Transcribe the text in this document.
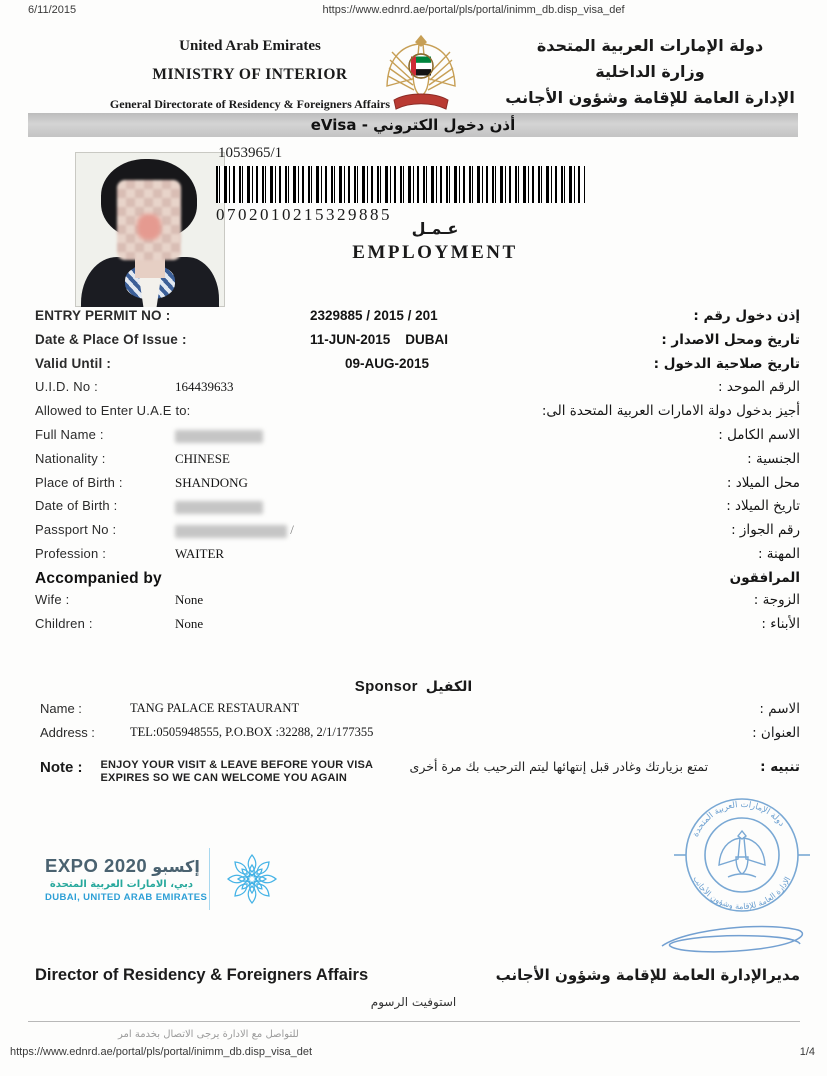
6/11/2015	https://www.ednrd.ae/portal/pls/portal/inimm_db.disp_visa_def
United Arab Emirates
MINISTRY OF INTERIOR
General Directorate of Residency & Foreigners Affairs
دولة الإمارات العربية المتحدة
وزارة الداخلية
الإدارة العامة للإقامة وشؤون الأجانب
أذن دخول الكتروني - eVisa
1053965/1
0702010215329885
عـمـل
EMPLOYMENT
ENTRY PERMIT NO :	2329885 / 2015 / 201	إذن دخول رقم :
Date & Place Of Issue :	11-JUN-2015    DUBAI	تاريخ ومحل الاصدار :
Valid Until :	09-AUG-2015	تاريخ صلاحية الدخول :
U.I.D. No :	164439633	الرقم الموحد :
Allowed to Enter U.A.E to:	أجيز بدخول دولة الامارات العربية المتحدة الى:
Full Name :	الاسم الكامل :
Nationality :	CHINESE	الجنسية :
Place of Birth :	SHANDONG	محل الميلاد :
Date of Birth :	تاريخ الميلاد :
Passport No :	/	رقم الجواز :
Profession :	WAITER	المهنة :
Accompanied by	المرافقون
Wife :	None	الزوجة :
Children :	None	الأبناء :
Sponsor الكفيل
Name :	TANG PALACE RESTAURANT	الاسم :
Address :	TEL:0505948555, P.O.BOX :32288, 2/1/177355	العنوان :
Note : ENJOY YOUR VISIT & LEAVE BEFORE YOUR VISA
EXPIRES SO WE CAN WELCOME YOU AGAIN
تمتع بزيارتك وغادر قبل إنتهائها ليتم الترحيب بك مرة أخرى	تنبيه :
EXPO 2020 إكسبو
دبي، الامارات العربية المتحدة
DUBAI, UNITED ARAB EMIRATES
دولة الإمارات العربية المتحدة
الإدارة العامة للإقامة وشؤون الأجانب
Director of Residency & Foreigners Affairs	مديرالإدارة العامة للإقامة وشؤون الأجانب
استوفيت الرسوم
للتواصل مع الادارة يرجى الاتصال بخدمة امر
https://www.ednrd.ae/portal/pls/portal/inimm_db.disp_visa_det	1/4
